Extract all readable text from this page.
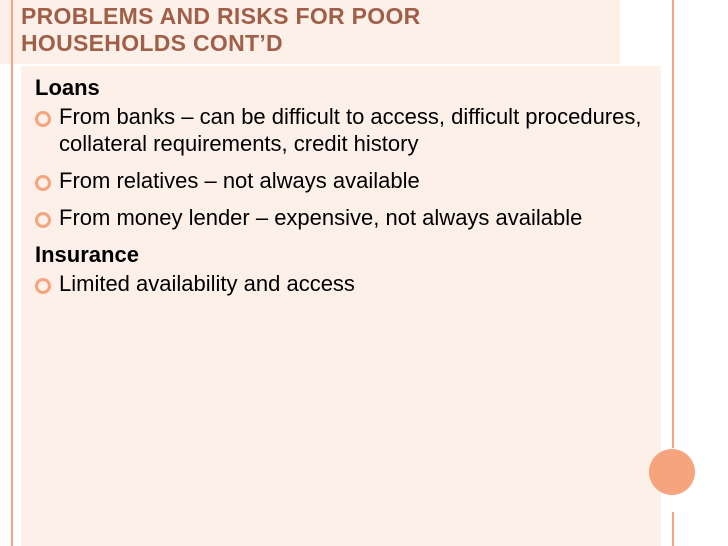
PROBLEMS AND RISKS FOR POOR
HOUSEHOLDS CONT’D

Loans

From banks – can be difficult to access, difficult procedures, collateral requirements, credit history
From relatives – not always available
From money lender – expensive, not always available

Insurance

Limited availability and access
